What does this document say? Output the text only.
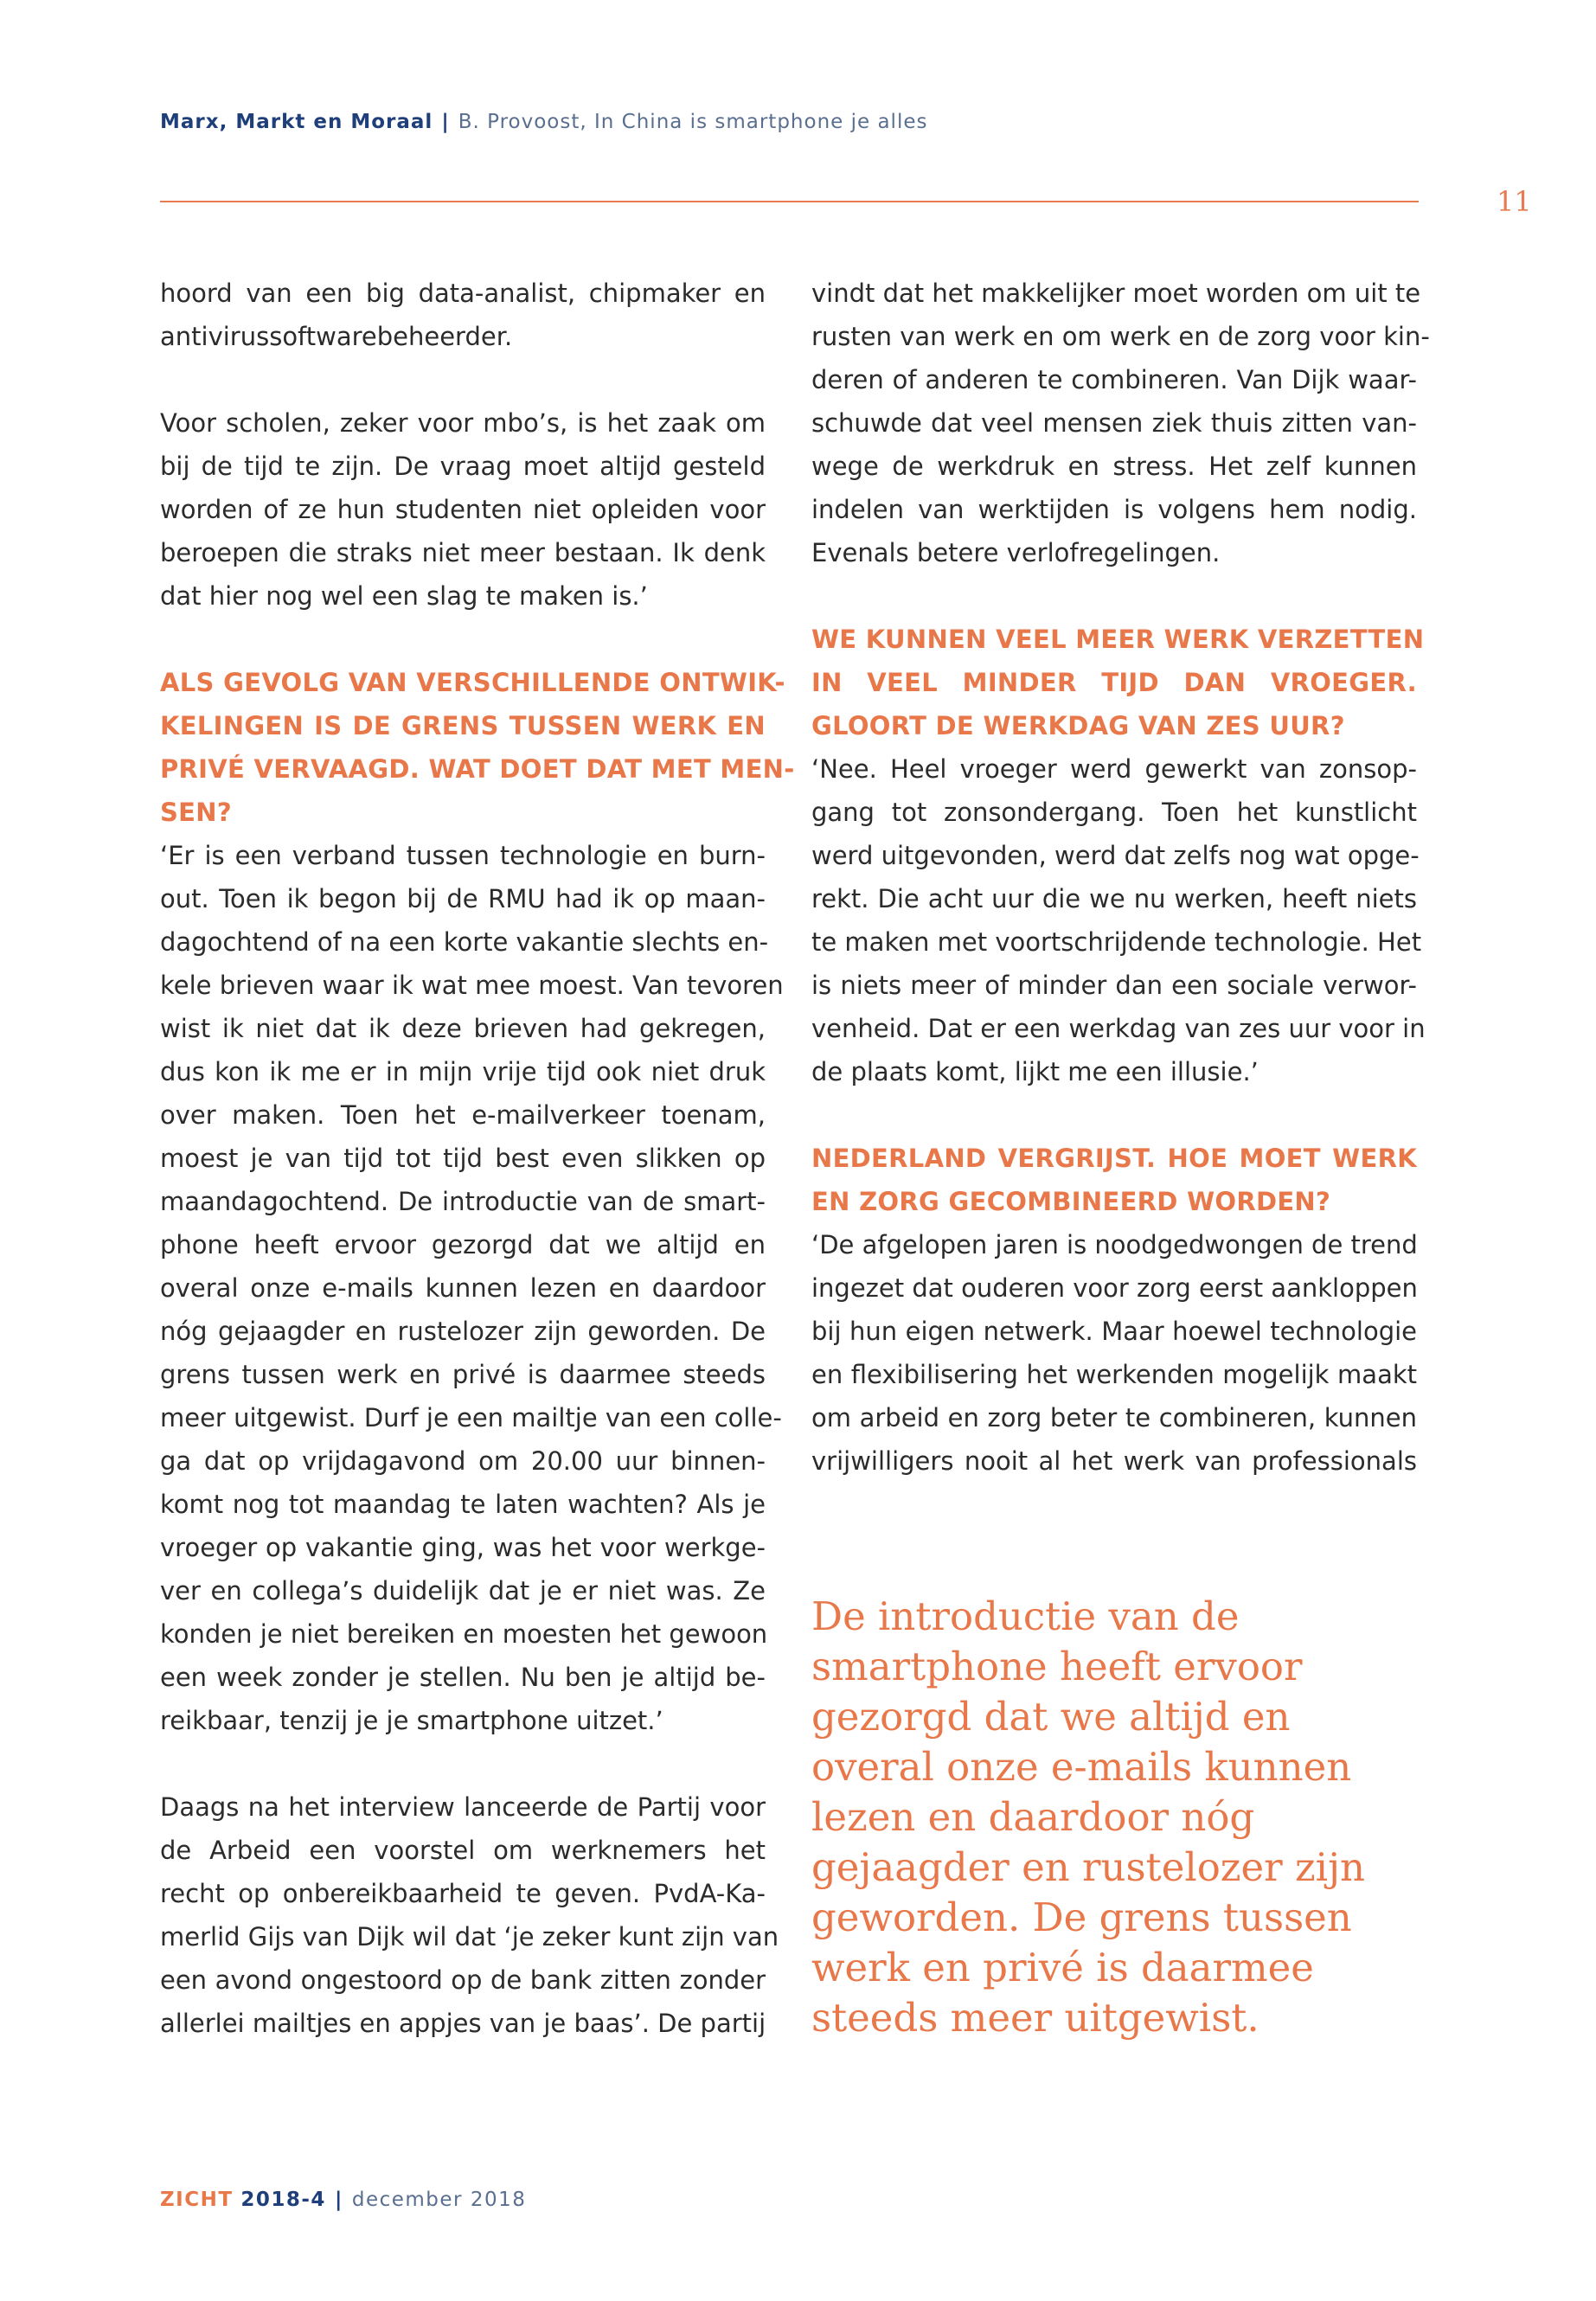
Marx, Markt en Moraal | B. Provoost, In China is smartphone je alles
11
hoord van een big data-analist, chipmaker en
antivirussoftwarebeheerder.
Voor scholen, zeker voor mbo’s, is het zaak om
bij de tijd te zijn. De vraag moet altijd gesteld
worden of ze hun studenten niet opleiden voor
beroepen die straks niet meer bestaan. Ik denk
dat hier nog wel een slag te maken is.’
ALS GEVOLG VAN VERSCHILLENDE ONTWIK-
KELINGEN IS DE GRENS TUSSEN WERK EN
PRIVÉ VERVAAGD. WAT DOET DAT MET MEN-
SEN?
‘Er is een verband tussen technologie en burn-
out. Toen ik begon bij de RMU had ik op maan-
dagochtend of na een korte vakantie slechts en-
kele brieven waar ik wat mee moest. Van tevoren
wist ik niet dat ik deze brieven had gekregen,
dus kon ik me er in mijn vrije tijd ook niet druk
over maken. Toen het e-mailverkeer toenam,
moest je van tijd tot tijd best even slikken op
maandagochtend. De introductie van de smart-
phone heeft ervoor gezorgd dat we altijd en
overal onze e-mails kunnen lezen en daardoor
nóg gejaagder en rustelozer zijn geworden. De
grens tussen werk en privé is daarmee steeds
meer uitgewist. Durf je een mailtje van een colle-
ga dat op vrijdagavond om 20.00 uur binnen-
komt nog tot maandag te laten wachten? Als je
vroeger op vakantie ging, was het voor werkge-
ver en collega’s duidelijk dat je er niet was. Ze
konden je niet bereiken en moesten het gewoon
een week zonder je stellen. Nu ben je altijd be-
reikbaar, tenzij je je smartphone uitzet.’
Daags na het interview lanceerde de Partij voor
de Arbeid een voorstel om werknemers het
recht op onbereikbaarheid te geven. PvdA-Ka-
merlid Gijs van Dijk wil dat ‘je zeker kunt zijn van
een avond ongestoord op de bank zitten zonder
allerlei mailtjes en appjes van je baas’. De partij
vindt dat het makkelijker moet worden om uit te
rusten van werk en om werk en de zorg voor kin-
deren of anderen te combineren. Van Dijk waar-
schuwde dat veel mensen ziek thuis zitten van-
wege de werkdruk en stress. Het zelf kunnen
indelen van werktijden is volgens hem nodig.
Evenals betere verlofregelingen.
WE KUNNEN VEEL MEER WERK VERZETTEN
IN VEEL MINDER TIJD DAN VROEGER.
GLOORT DE WERKDAG VAN ZES UUR?
‘Nee. Heel vroeger werd gewerkt van zonsop-
gang tot zonsondergang. Toen het kunstlicht
werd uitgevonden, werd dat zelfs nog wat opge-
rekt. Die acht uur die we nu werken, heeft niets
te maken met voortschrijdende technologie. Het
is niets meer of minder dan een sociale verwor-
venheid. Dat er een werkdag van zes uur voor in
de plaats komt, lijkt me een illusie.’
NEDERLAND VERGRIJST. HOE MOET WERK
EN ZORG GECOMBINEERD WORDEN?
‘De afgelopen jaren is noodgedwongen de trend
ingezet dat ouderen voor zorg eerst aankloppen
bij hun eigen netwerk. Maar hoewel technologie
en flexibilisering het werkenden mogelijk maakt
om arbeid en zorg beter te combineren, kunnen
vrijwilligers nooit al het werk van professionals
De introductie van de
smartphone heeft ervoor
gezorgd dat we altijd en
overal onze e-mails kunnen
lezen en daardoor nóg
gejaagder en rustelozer zijn
geworden. De grens tussen
werk en privé is daarmee
steeds meer uitgewist.
ZICHT 2018-4 | december 2018
